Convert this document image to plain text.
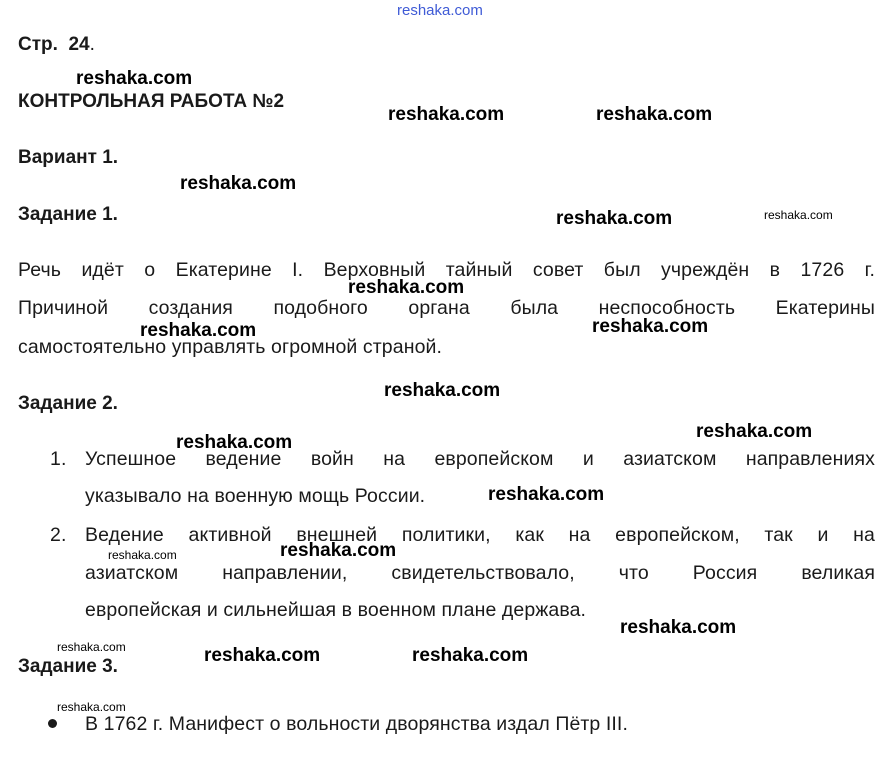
reshaka.com
Стр. 24.
КОНТРОЛЬНАЯ РАБОТА №2
Вариант 1.
Задание 1.
Речь идёт о Екатерине I. Верховный тайный совет был учреждён в 1726 г.
Причиной создания подобного органа была неспособность Екатерины
самостоятельно управлять огромной страной.
Задание 2.
1. Успешное ведение войн на европейском и азиатском направлениях
указывало на военную мощь России.
2. Ведение активной внешней политики, как на европейском, так и на
азиатском направлении, свидетельствовало, что Россия великая
европейская и сильнейшая в военном плане держава.
Задание 3.
В 1762 г. Манифест о вольности дворянства издал Пётр III.
reshaka.com
reshaka.com	reshaka.com
reshaka.com
reshaka.com
reshaka.com
reshaka.com	reshaka.com
reshaka.com
reshaka.com
reshaka.com
reshaka.com
reshaka.com
reshaka.com
reshaka.com	reshaka.com
reshaka.com
reshaka.com
reshaka.com
reshaka.com
